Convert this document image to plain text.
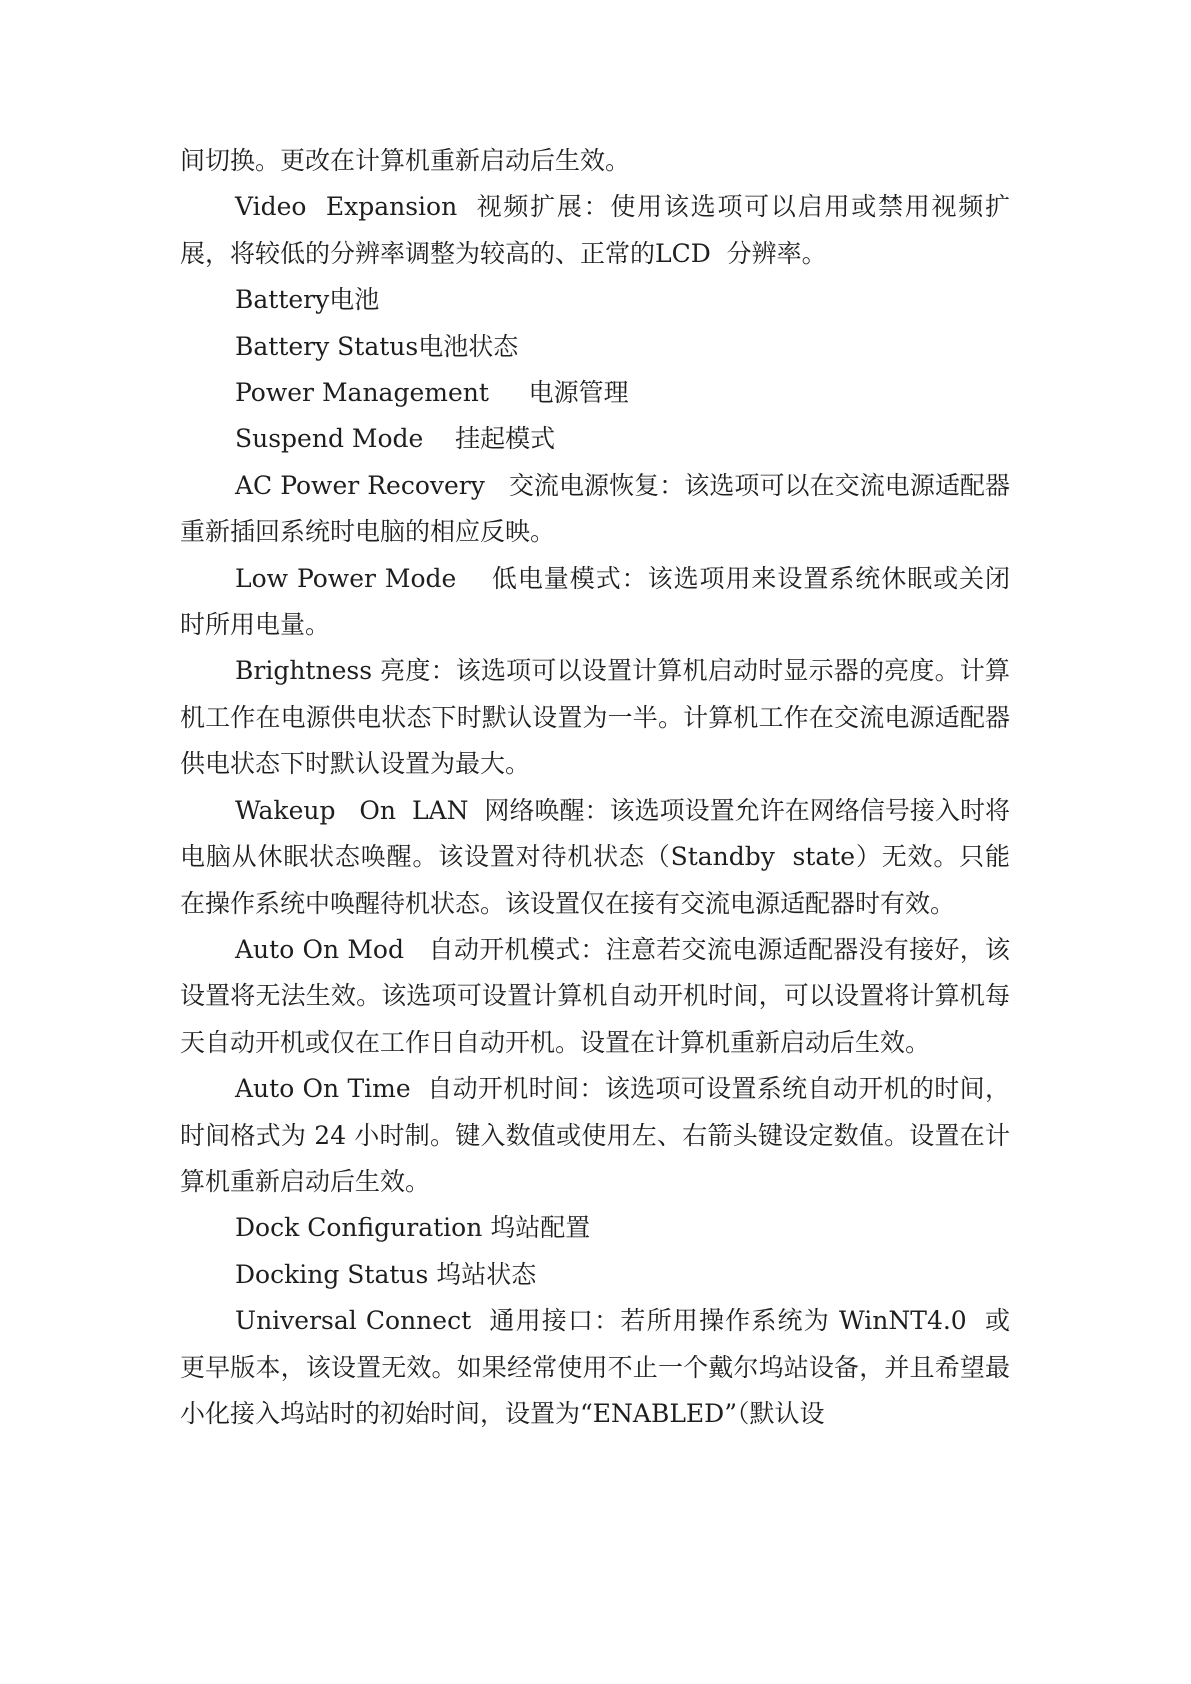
间切换。更改在计算机重新启动后生效。

Video  Expansion  视频扩展：使用该选项可以启用或禁用视频扩展，将较低的分辨率调整为较高的、正常的LCD  分辨率。

Battery电池

Battery Status电池状态

Power Management     电源管理

Suspend Mode    挂起模式

AC Power Recovery   交流电源恢复：该选项可以在交流电源适配器重新插回系统时电脑的相应反映。

Low Power Mode    低电量模式：该选项用来设置系统休眠或关闭时所用电量。

Brightness 亮度：该选项可以设置计算机启动时显示器的亮度。计算机工作在电源供电状态下时默认设置为一半。计算机工作在交流电源适配器供电状态下时默认设置为最大。

Wakeup   On  LAN  网络唤醒：该选项设置允许在网络信号接入时将电脑从休眠状态唤醒。该设置对待机状态（Standby  state）无效。只能在操作系统中唤醒待机状态。该设置仅在接有交流电源适配器时有效。

Auto On Mod   自动开机模式：注意若交流电源适配器没有接好，该设置将无法生效。该选项可设置计算机自动开机时间，可以设置将计算机每天自动开机或仅在工作日自动开机。设置在计算机重新启动后生效。

Auto On Time  自动开机时间：该选项可设置系统自动开机的时间，时间格式为 24 小时制。键入数值或使用左、右箭头键设定数值。设置在计算机重新启动后生效。

Dock Configuration 坞站配置

Docking Status 坞站状态

Universal Connect  通用接口：若所用操作系统为 WinNT4.0  或更早版本，该设置无效。如果经常使用不止一个戴尔坞站设备，并且希望最小化接入坞站时的初始时间，设置为“ENABLED”（默认设
